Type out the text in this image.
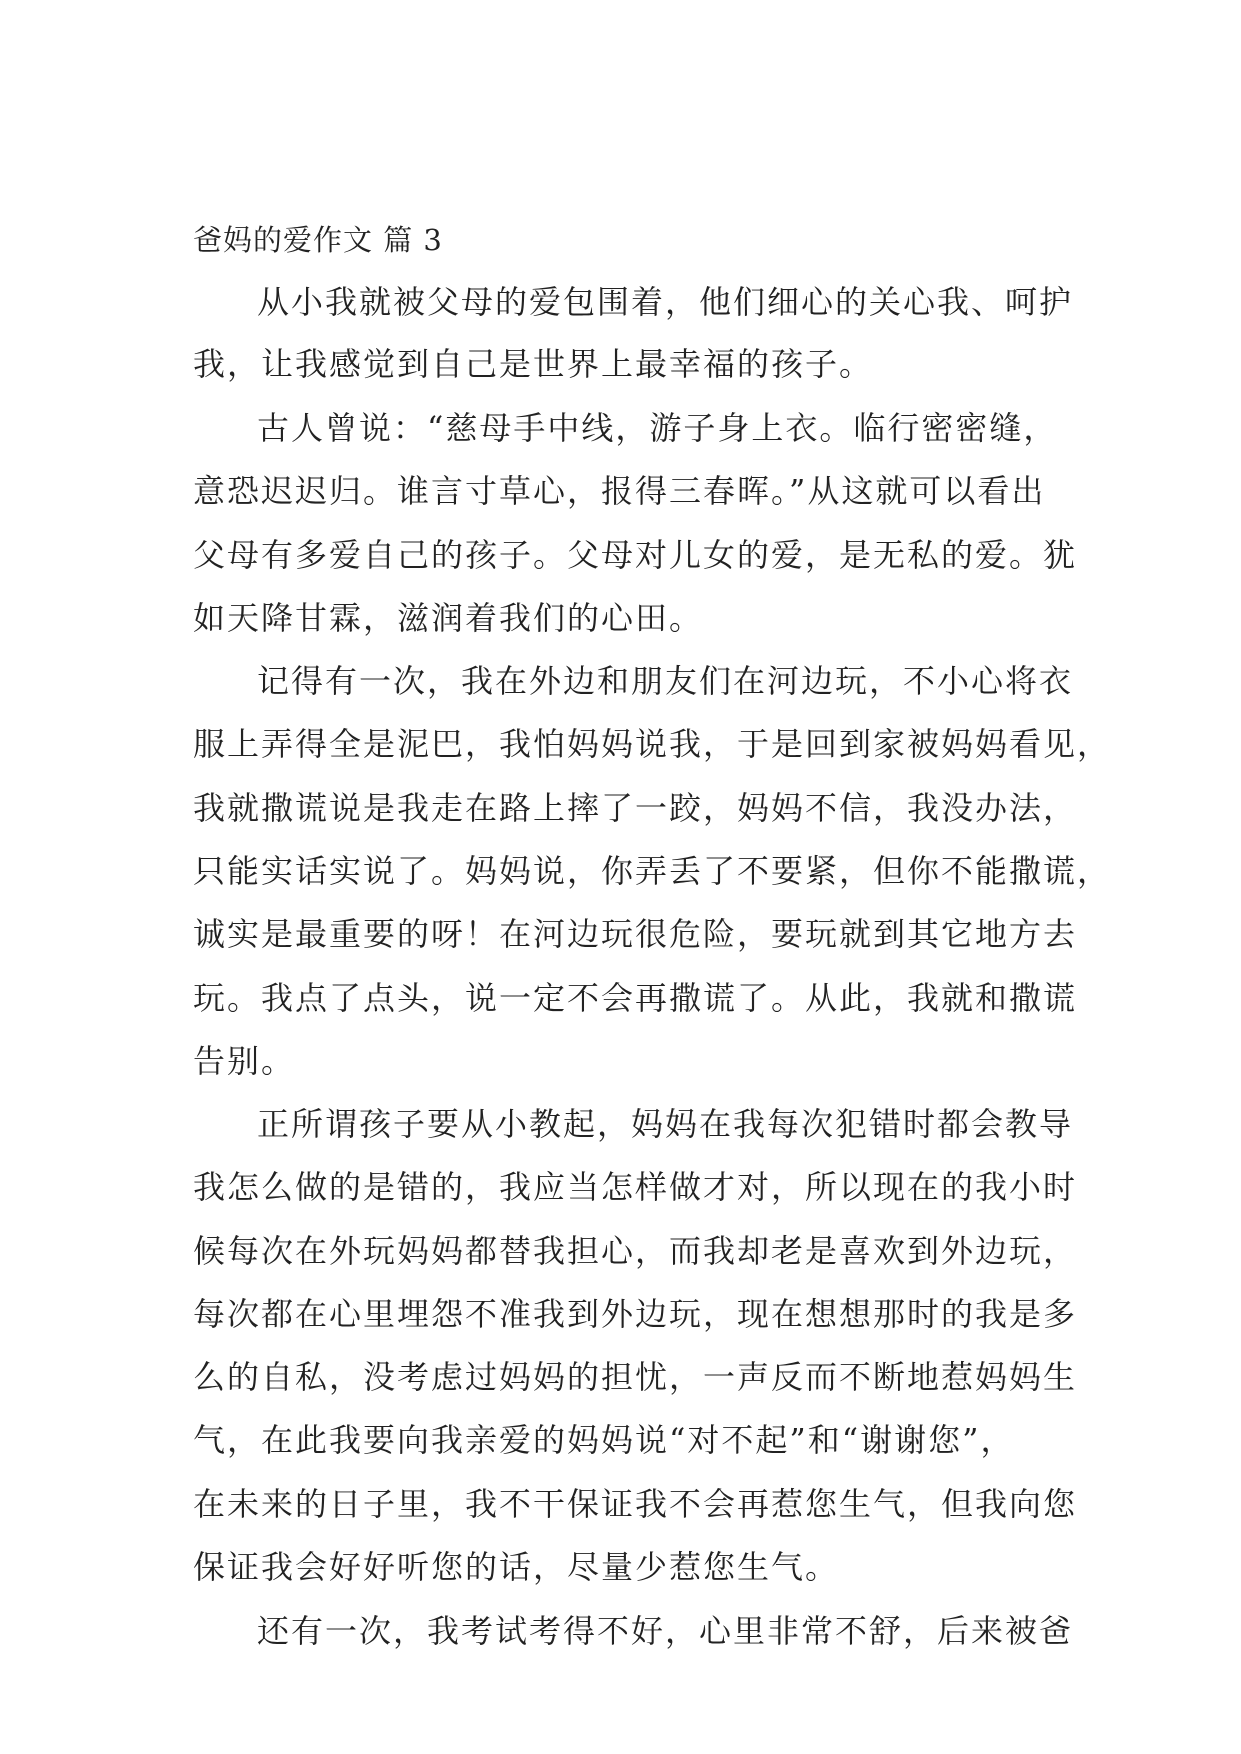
爸妈的爱作文 篇 3
从小我就被父母的爱包围着，他们细心的关心我、呵护
我，让我感觉到自己是世界上最幸福的孩子。
古人曾说：“慈母手中线，游子身上衣。临行密密缝，
意恐迟迟归。谁言寸草心，报得三春晖。”从这就可以看出
父母有多爱自己的孩子。父母对儿女的爱，是无私的爱。犹
如天降甘霖，滋润着我们的心田。
记得有一次，我在外边和朋友们在河边玩，不小心将衣
服上弄得全是泥巴，我怕妈妈说我，于是回到家被妈妈看见，
我就撒谎说是我走在路上摔了一跤，妈妈不信，我没办法，
只能实话实说了。妈妈说，你弄丢了不要紧，但你不能撒谎，
诚实是最重要的呀！在河边玩很危险，要玩就到其它地方去
玩。我点了点头，说一定不会再撒谎了。从此，我就和撒谎
告别。
正所谓孩子要从小教起，妈妈在我每次犯错时都会教导
我怎么做的是错的，我应当怎样做才对，所以现在的我小时
候每次在外玩妈妈都替我担心，而我却老是喜欢到外边玩，
每次都在心里埋怨不准我到外边玩，现在想想那时的我是多
么的自私，没考虑过妈妈的担忧，一声反而不断地惹妈妈生
气，在此我要向我亲爱的妈妈说“对不起”和“谢谢您”，
在未来的日子里，我不干保证我不会再惹您生气，但我向您
保证我会好好听您的话，尽量少惹您生气。
还有一次，我考试考得不好，心里非常不舒，后来被爸
